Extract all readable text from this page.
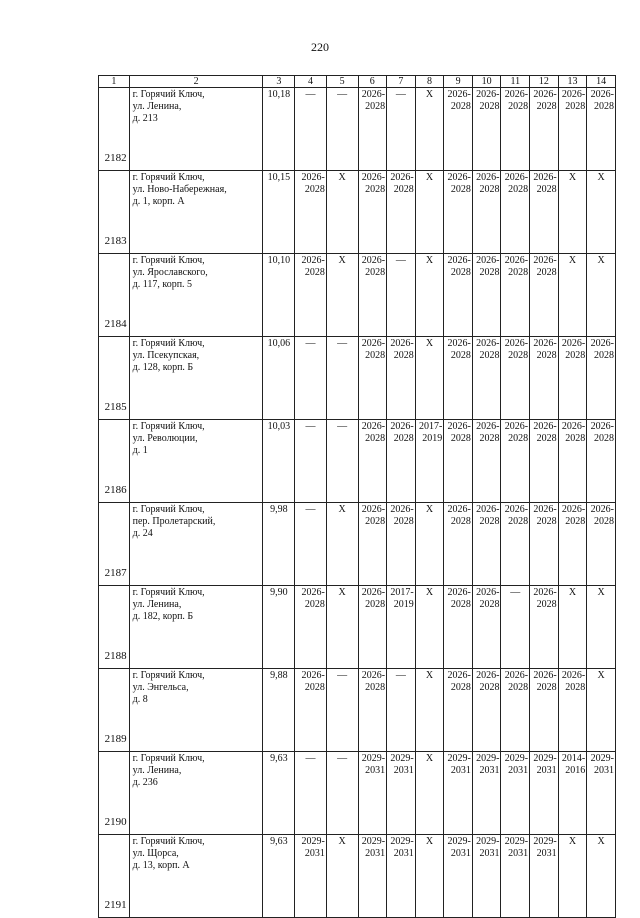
220
1	2	3	4	5	6	7	8	9	10	11	12	13	14
2182	г. Горячий Ключ,
ул. Ленина,
д. 213	10,18	—	—	2026-2028	—	X	2026-2028	2026-2028	2026-2028	2026-2028	2026-2028	2026-2028

2183	г. Горячий Ключ,
ул. Ново-Набережная,
д. 1, корп. А	10,15	2026-2028	X	2026-2028	2026-2028	X	2026-2028	2026-2028	2026-2028	2026-2028	X	X
2184	г. Горячий Ключ,
ул. Ярославского,
д. 117, корп. 5	10,10	2026-2028	X	2026-2028	—	X	2026-2028	2026-2028	2026-2028	2026-2028	X	X
2185	г. Горячий Ключ,
ул. Псекупская,
д. 128, корп. Б	10,06	—	—	2026-2028	2026-2028	X	2026-2028	2026-2028	2026-2028	2026-2028	2026-2028	2026-2028

2186	г. Горячий Ключ,
ул. Революции,
д. 1	10,03	—	—	2026-2028	2026-2028	2017-2019	2026-2028	2026-2028	2026-2028	2026-2028	2026-2028	2026-2028

2187	г. Горячий Ключ,
пер. Пролетарский,
д. 24	9,98	—	X	2026-2028	2026-2028	X	2026-2028	2026-2028	2026-2028	2026-2028	2026-2028	2026-2028

2188	г. Горячий Ключ,
ул. Ленина,
д. 182, корп. Б	9,90	2026-2028	X	2026-2028	2017-2019	X	2026-2028	2026-2028	—	2026-2028	X	X
2189	г. Горячий Ключ,
ул. Энгельса,
д. 8	9,88	2026-2028	—	2026-2028	—	X	2026-2028	2026-2028	2026-2028	2026-2028	2026-2028	X
2190	г. Горячий Ключ,
ул. Ленина,
д. 236	9,63	—	—	2029-2031	2029-2031	X	2029-2031	2029-2031	2029-2031	2029-2031	2014-2016	2029-2031

2191	г. Горячий Ключ,
ул. Щорса,
д. 13, корп. А	9,63	2029-2031	X	2029-2031	2029-2031	X	2029-2031	2029-2031	2029-2031	2029-2031	X	X
